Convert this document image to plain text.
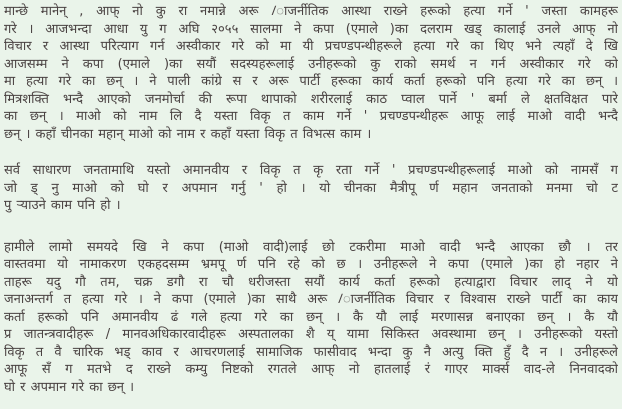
मान्छे मानेन् , आफ् नो कु रा नमान्ने अरू /ाजर्नीतिक आस्था राख्ने हरूको हत्या गर्ने ' जस्ता कामहरू
गरे । आजभन्दा आधा यु ग अघि २०५५ सालमा ने कपा (एमाले )का दलराम खड् कालाई उनले आफ् नो
विचार र आस्था परित्याग गर्न अस्वीकार गरे को मा यी प्रचण्डपन्थीहरूले हत्या गरे का थिए भने त्यहाँ दे खि
आजसम्म ने कपा (एमाले )का सयौं सदस्यहरूलाई उनीहरूको कु राको समर्थ न गर्न अस्वीकार गरे को
मा हत्या गरे का छन् । ने पाली कांग्रे स र अरू पार्टी हरूका कार्य कर्ता हरूको पनि हत्या गरे का छन् ।
मित्रशक्ति भन्दै आएको जनमोर्चा की रूपा थापाको शरीरलाई काठ प्वाल पार्ने ' बर्मा ले क्षतविक्षत पारे
का छन् । माओ को नाम लि दै यस्ता विकृ त काम गर्ने ' प्रचण्डपन्थीहरू आफू लाई माओ वादी भन्दै
छन् । कहाँ चीनका महान् माओ को नाम र कहाँ यस्ता विकृ त विभत्स काम ।
सर्व साधारण जनतामाथि यस्तो अमानवीय र विकृ त कृ रता गर्ने ' प्रचण्डपन्थीहरूलाई माओ को नामसँ ग
जो ड् नु माओ को घो र अपमान गर्नु ' हो । यो चीनका मैत्रीपू र्ण महान जनताको मनमा चो ट
पु ऱ्याउने काम पनि हो ।
हामीले लामो समयदे खि ने कपा (माओ वादी)लाई छो टकरीमा माओ वादी भन्दै आएका छौ । तर
वास्तवमा यो नामाकरण एकहदसम्म भ्रमपू र्ण पनि रहे को छ । उनीहरूले ने कपा (एमाले )का हो नहार ने
ताहरू यदु गौ तम, चक्र डगौ रा चौ धरीजस्ता सयौं कार्य कर्ता हरूको हत्याद्वारा विचार लाद् ने यो
जनाअन्तर्ग त हत्या गरे । ने कपा (एमाले )का साथै अरू /ाजर्नीतिक विचार र विश्वास राख्ने पार्टी का काय
कर्ता हरूको पनि अमानवीय ढं गले हत्या गरे का छन् । कै यौ लाई मरणासन्न बनाएका छन् । कै यौ
प्र जातन्त्रवादीहरू / मानवअधिकारवादीहरू अस्पतालका शै य् यामा सिकिस्त अवस्थामा छन् । उनीहरूको यस्तो
विकृ त वै चारिक भड् काव र आचरणलाई सामाजिक फासीवाद भन्दा कु नै अत्यु क्ति हुँ दै न । उनीहरूले
आफू सँ ग मतभे द राख्ने कम्यु निष्टको रगतले आफ् नो हातलाई रं गाएर मार्क्स वाद-ले निनवादको
घो र अपमान गरे का छन् ।
